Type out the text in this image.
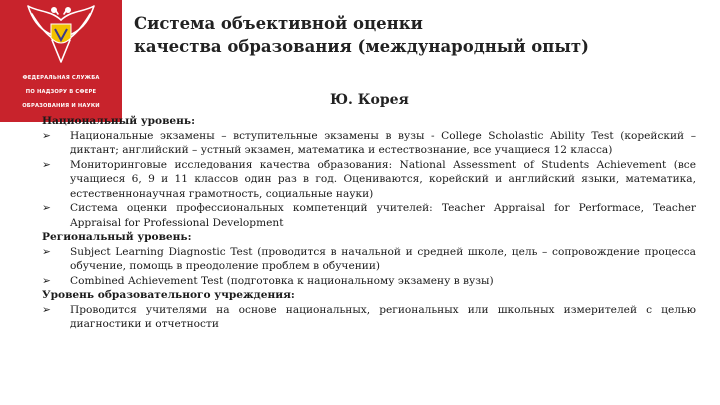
ФЕДЕРАЛЬНАЯ СЛУЖБА
ПО НАДЗОРУ В СФЕРЕ
ОБРАЗОВАНИЯ И НАУКИ
Система объективной оценки
качества образования (международный опыт)
Ю. Корея
Национальный уровень:
➢ Национальные экзамены – вступительные экзамены в вузы - College Scholastic Ability Test (корейский – диктант; английский – устный экзамен, математика и естествознание, все учащиеся 12 класса)
➢ Мониторинговые исследования качества образования: National Assessment of Students Achievement (все учащиеся 6, 9 и 11 классов один раз в год. Оцениваются, корейский и английский языки, математика, естественнонаучная грамотность, социальные науки)
➢ Система оценки профессиональных компетенций учителей: Teacher Appraisal for Performace, Teacher Appraisal for Professional Development
Региональный уровень:
➢ Subject Learning Diagnostic Test (проводится в начальной и средней школе, цель – сопровождение процесса обучение, помощь в преодоление проблем в обучении)
➢ Combined Achievement Test (подготовка к национальному экзамену в вузы)
Уровень образовательного учреждения:
➢ Проводится учителями на основе национальных, региональных или школьных измерителей с целью диагностики и отчетности
